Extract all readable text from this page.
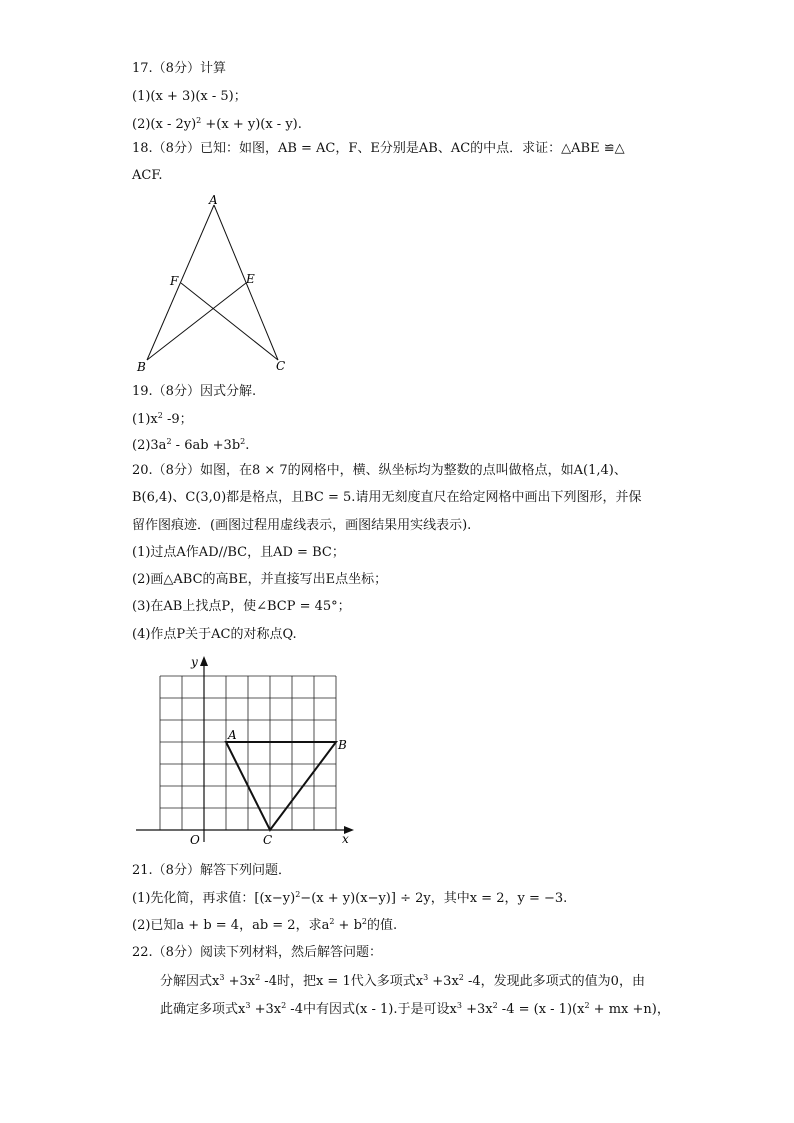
17.（8分）计算
(1)(x + 3)(x - 5)；
(2)(x - 2y)$^2$ +(x + y)(x - y).
18.（8分）已知：如图，AB = AC，F、E分别是AB、AC的中点．求证：△ABE ≌△
ACF.
A
F	E
B	C
19.（8分）因式分解.
$(1)x^2$ -9；
$(2)3a^2 - 6ab +3b^2$.
20.（8分）如图，在8 × 7的网格中，横、纵坐标均为整数的点叫做格点，如A(1,4)、
B(6,4)、C(3,0)都是格点，且BC = 5.请用无刻度直尺在给定网格中画出下列图形，并保
留作图痕迹．(画图过程用虚线表示，画图结果用实线表示).
(1)过点A作AD//BC，且AD = BC；
(2)画△ABC的高BE，并直接写出E点坐标；
(3)在AB上找点P，使∠BCP = 45°；
(4)作点P关于AC的对称点Q.
y
x
O
A
B
C
21.（8分）解答下列问题．
(1)先化简，再求值：$[(x-y)^2-(x + y)(x-y)] \div 2y$，其中x = 2，y = −3.
(2)已知a + b = 4，ab = 2，求$a^2 + b^2$的值.
22.（8分）阅读下列材料，然后解答问题：
分解因式$x^3 +3x^2$ -4时，把x = 1代入多项式$x^3 +3x^2$ -4，发现此多项式的值为0，由
此确定多项式$x^3 +3x^2$ -4中有因式(x - 1).于是可设$x^3 +3x^2$ $-4 = (x - 1)(x^2$ + mx +n)，
